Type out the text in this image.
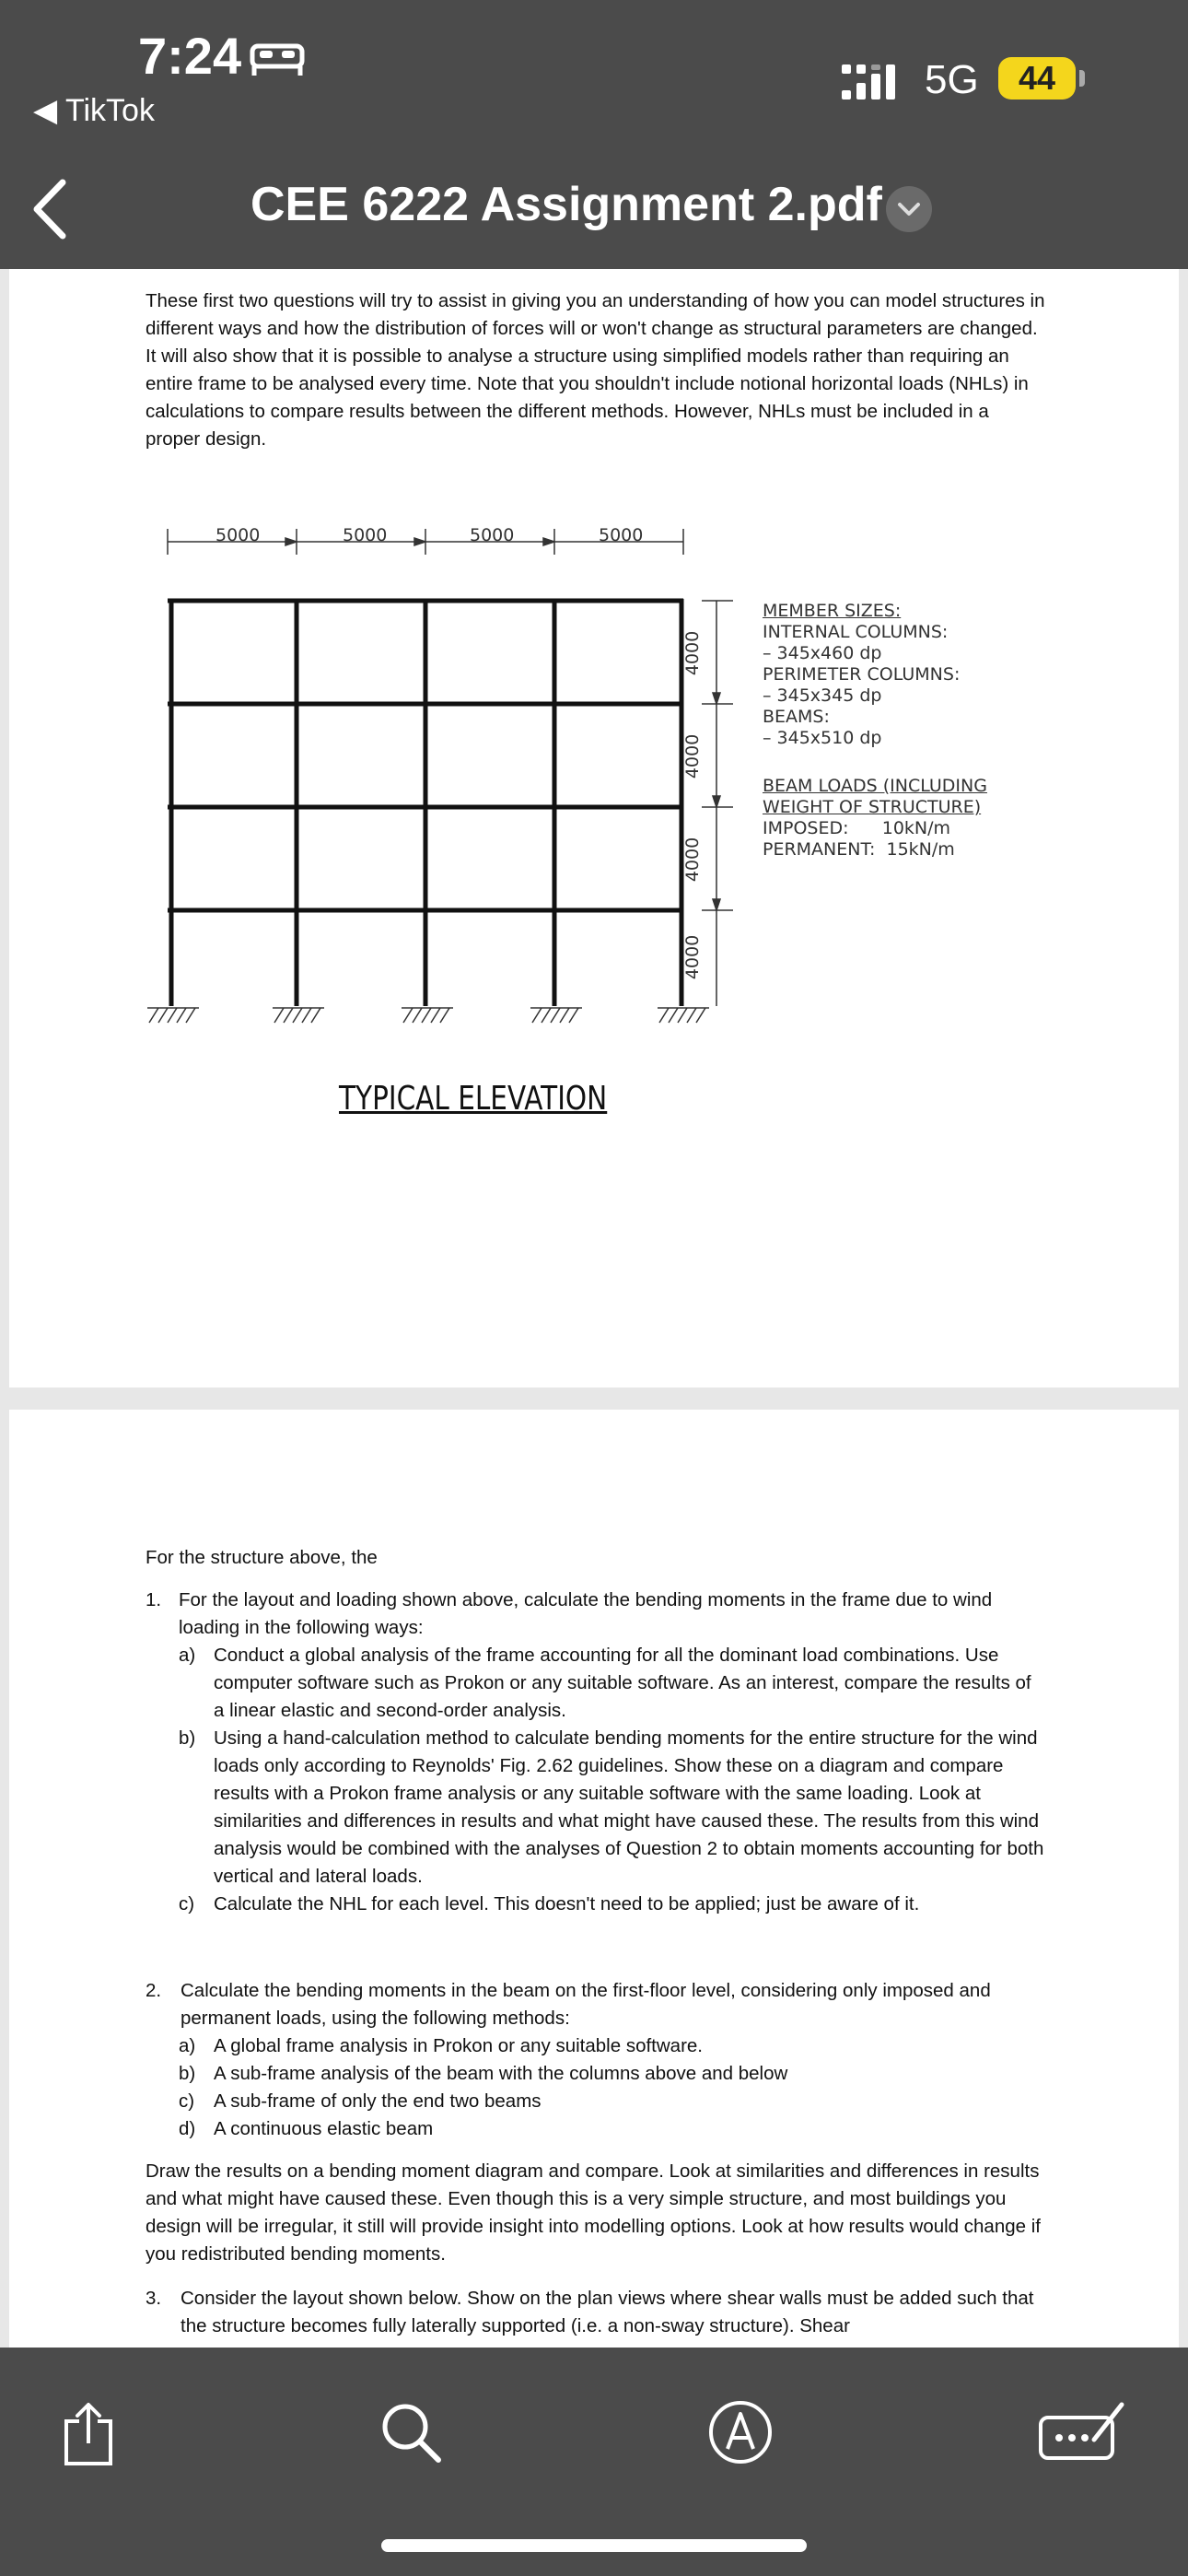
7:24
◀ TikTok
5G	44
CEE 6222 Assignment 2.pdf
These first two questions will try to assist in giving you an understanding of how you can model structures in different ways and how the distribution of forces will or won't change as structural parameters are changed. It will also show that it is possible to analyse a structure using simplified models rather than requiring an entire frame to be analysed every time. Note that you shouldn't include notional horizontal loads (NHLs) in calculations to compare results between the different methods. However, NHLs must be included in a proper design.
5000	5000	5000	5000
4000
4000
4000
4000
MEMBER SIZES:
INTERNAL COLUMNS:
– 345x460 dp
PERIMETER COLUMNS:
– 345x345 dp
BEAMS:
– 345x510 dp
BEAM LOADS (INCLUDING
WEIGHT OF STRUCTURE)
IMPOSED:      10kN/m
PERMANENT:  15kN/m
TYPICAL ELEVATION
For the structure above, the
1. For the layout and loading shown above, calculate the bending moments in the frame due to wind loading in the following ways:
a) Conduct a global analysis of the frame accounting for all the dominant load combinations. Use computer software such as Prokon or any suitable software. As an interest, compare the results of a linear elastic and second-order analysis.
b) Using a hand-calculation method to calculate bending moments for the entire structure for the wind loads only according to Reynolds' Fig. 2.62 guidelines. Show these on a diagram and compare results with a Prokon frame analysis or any suitable software with the same loading. Look at similarities and differences in results and what might have caused these. The results from this wind analysis would be combined with the analyses of Question 2 to obtain moments accounting for both vertical and lateral loads.
c) Calculate the NHL for each level. This doesn't need to be applied; just be aware of it.
2. Calculate the bending moments in the beam on the first-floor level, considering only imposed and permanent loads, using the following methods:
a) A global frame analysis in Prokon or any suitable software.
b) A sub-frame analysis of the beam with the columns above and below
c) A sub-frame of only the end two beams
d) A continuous elastic beam
Draw the results on a bending moment diagram and compare. Look at similarities and differences in results and what might have caused these. Even though this is a very simple structure, and most buildings you design will be irregular, it still will provide insight into modelling options. Look at how results would change if you redistributed bending moments.
3. Consider the layout shown below. Show on the plan views where shear walls must be added such that the structure becomes fully laterally supported (i.e. a non-sway structure). Shear
